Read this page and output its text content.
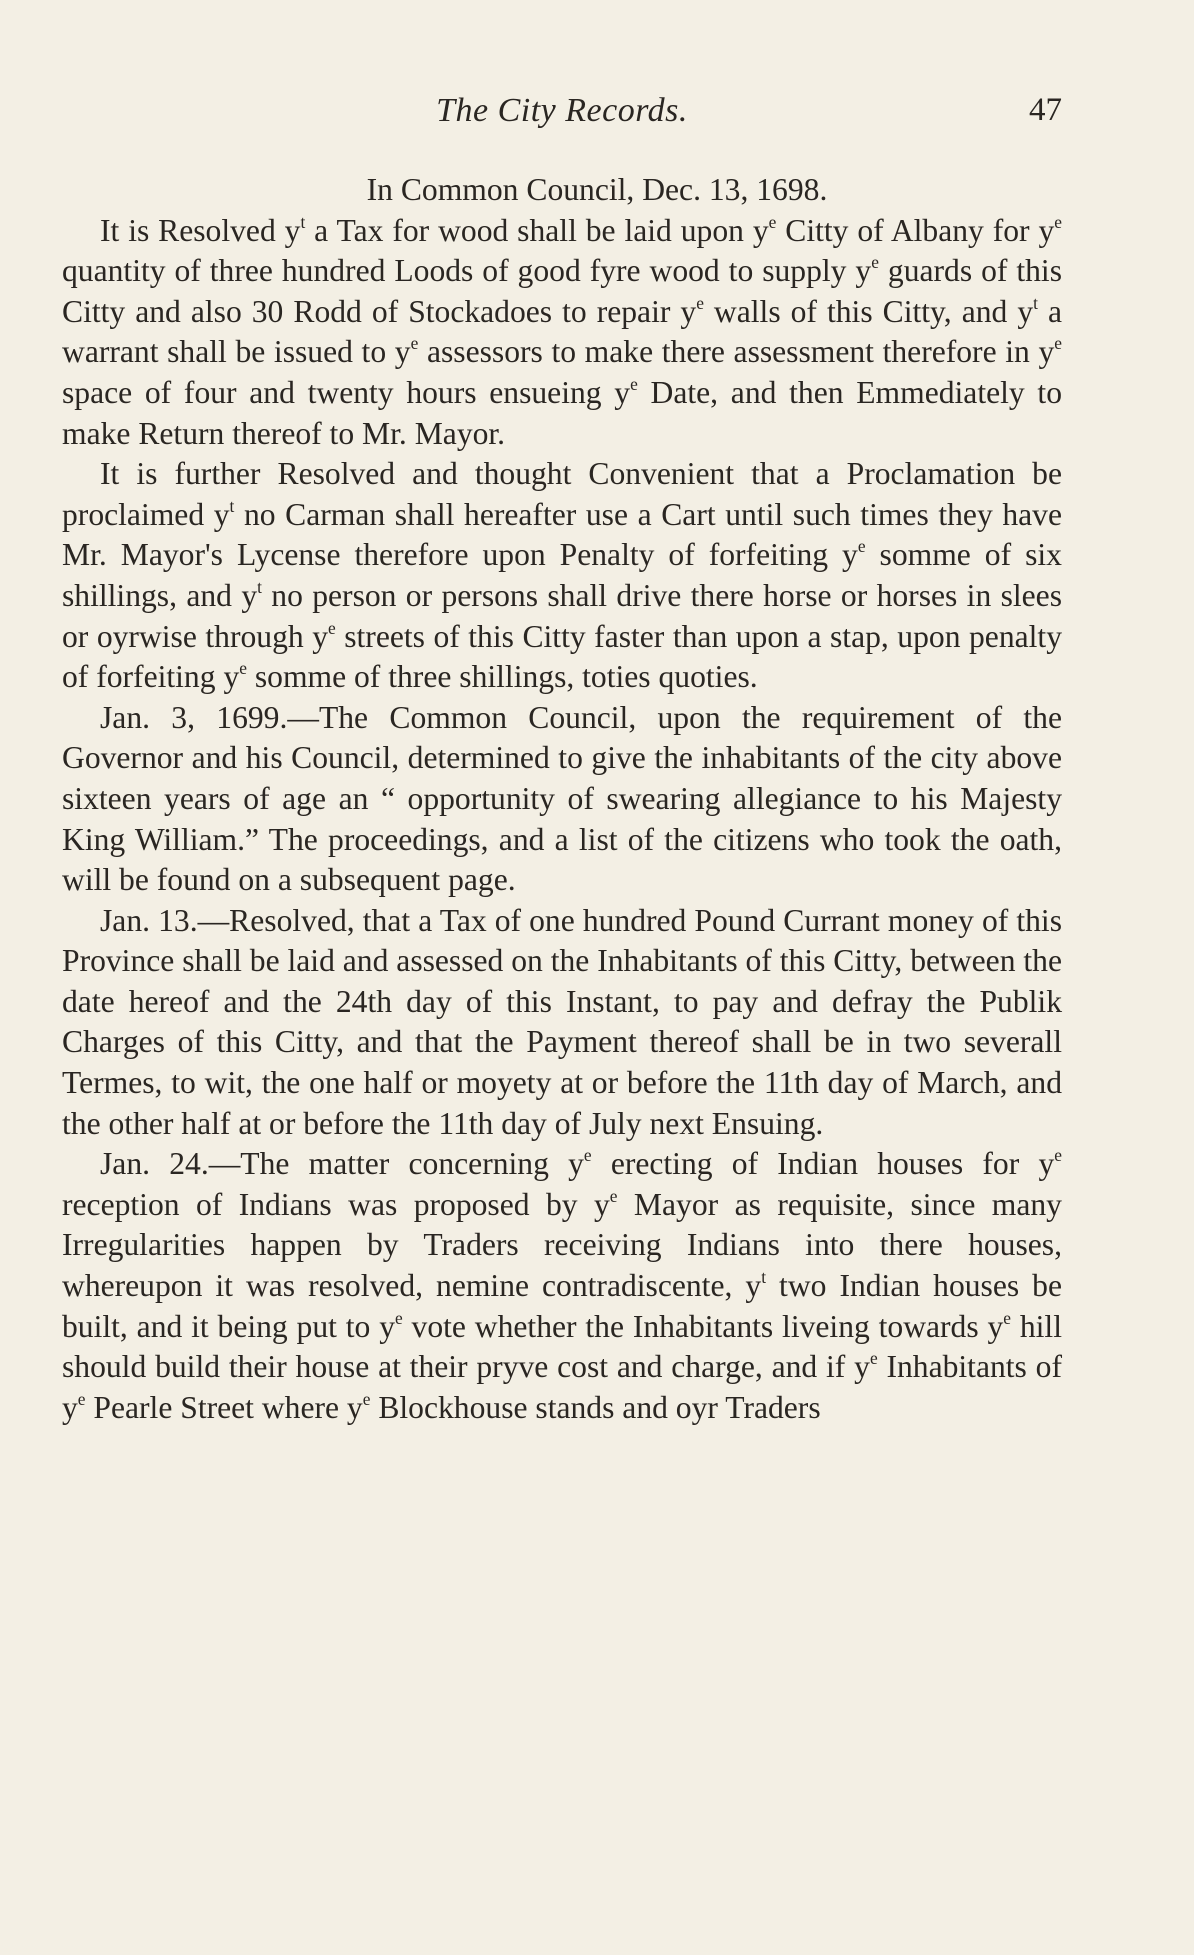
The City Records.	47

In Common Council, Dec. 13, 1698.

It is Resolved $y^t$ a Tax for wood shall be laid upon $y^e$ Citty of Albany for $y^e$ quantity of three hundred Loods of good fyre wood to supply $y^e$ guards of this Citty and also 30 Rodd of Stockadoes to repair $y^e$ walls of this Citty, and $y^t$ a warrant shall be issued to $y^e$ assessors to make there assessment therefore in $y^e$ space of four and twenty hours ensueing $y^e$ Date, and then Emmediately to make Return thereof to Mr. Mayor.

It is further Resolved and thought Convenient that a Proclamation be proclaimed $y^t$ no Carman shall hereafter use a Cart until such times they have Mr. Mayor's Lycense therefore upon Penalty of forfeiting $y^e$ somme of six shillings, and $y^t$ no person or persons shall drive there horse or horses in slees or oyrwise through $y^e$ streets of this Citty faster than upon a stap, upon penalty of forfeiting $y^e$ somme of three shillings, toties quoties.

Jan. 3, 1699.—The Common Council, upon the requirement of the Governor and his Council, determined to give the inhabitants of the city above sixteen years of age an “ opportunity of swearing allegiance to his Majesty King William.” The proceedings, and a list of the citizens who took the oath, will be found on a subsequent page.

Jan. 13.—Resolved, that a Tax of one hundred Pound Currant money of this Province shall be laid and assessed on the Inhabitants of this Citty, between the date hereof and the 24th day of this Instant, to pay and defray the Publik Charges of this Citty, and that the Payment thereof shall be in two severall Termes, to wit, the one half or moyety at or before the 11th day of March, and the other half at or before the 11th day of July next Ensuing.

Jan. 24.—The matter concerning $y^e$ erecting of Indian houses for $y^e$ reception of Indians was proposed by $y^e$ Mayor as requisite, since many Irregularities happen by Traders receiving Indians into there houses, whereupon it was resolved, nemine contradiscente, $y^t$ two Indian houses be built, and it being put to $y^e$ vote whether the Inhabitants liveing towards $y^e$ hill should build their house at their pryve cost and charge, and if $y^e$ Inhabitants of $y^e$ Pearle Street where $y^e$ Blockhouse stands and oyr Traders
